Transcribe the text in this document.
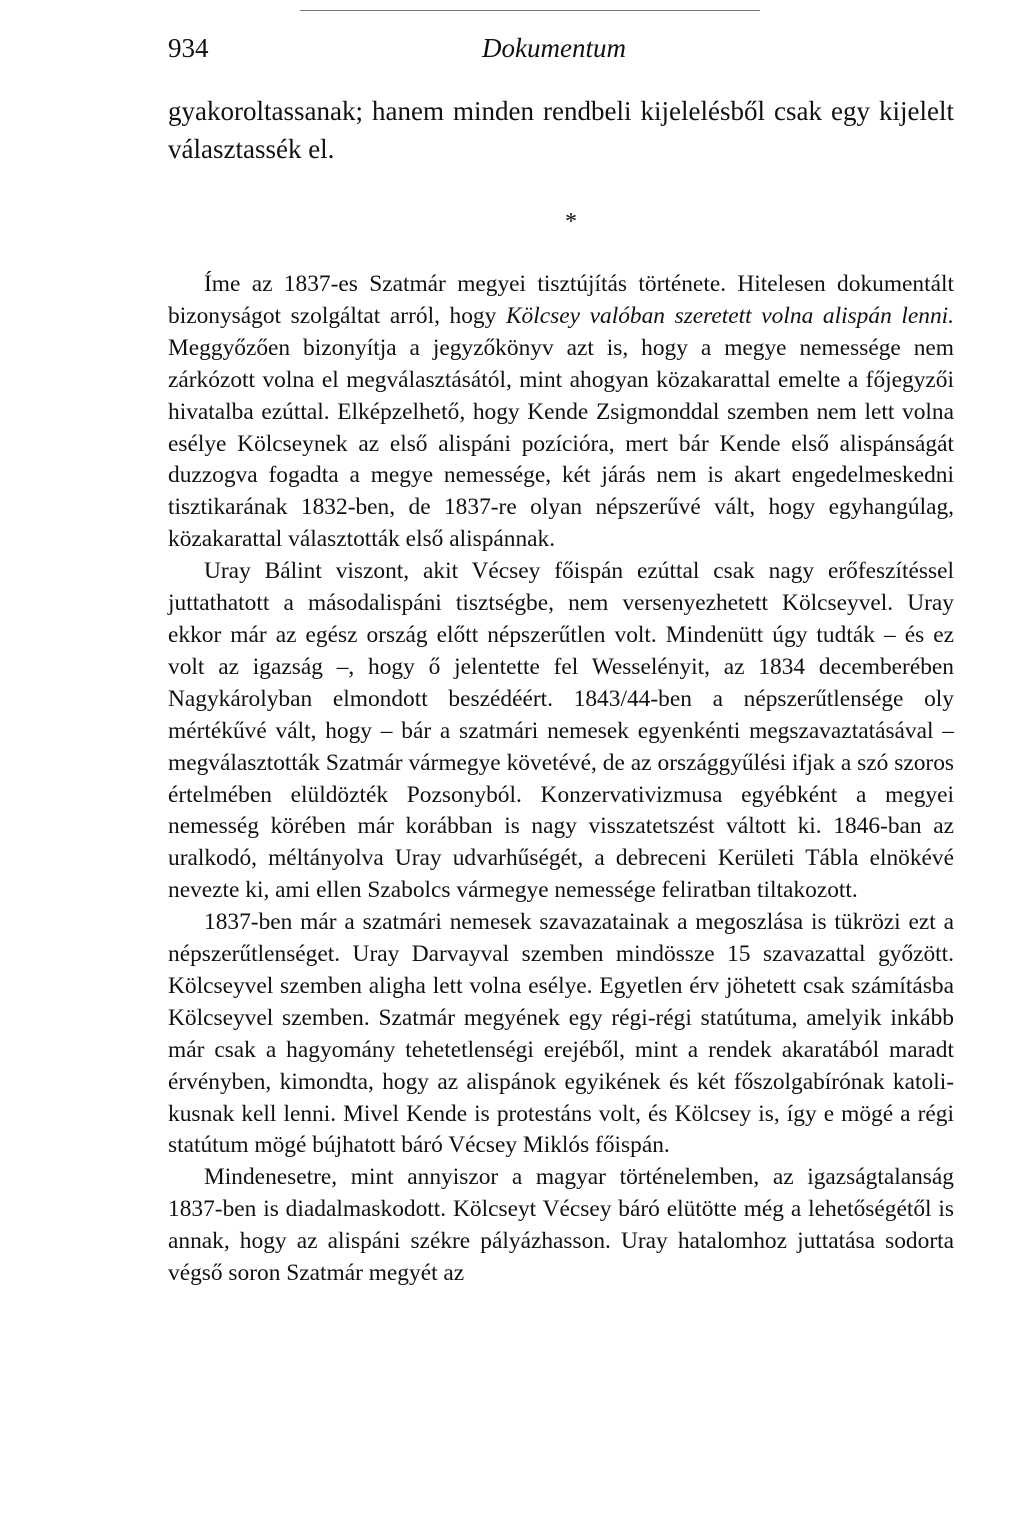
934	Dokumentum

gyakoroltassanak; hanem minden rendbeli kijelelésből csak egy kijelelt választassék el.

*

Íme az 1837-es Szatmár megyei tisztújítás története. Hitelesen dokumentált bizonyságot szolgáltat arról, hogy Kölcsey valóban szeretett volna alispán lenni. Meggyőzően bizonyítja a jegyzőkönyv azt is, hogy a megye nemessége nem zárkózott volna el megválasztásától, mint ahogyan közakarattal emelte a főjegyzői hivatalba ezúttal. Elképzelhető, hogy Kende Zsigmonddal szemben nem lett volna esélye Kölcseynek az első alispáni pozícióra, mert bár Kende első alispánságát duzzogva fogadta a megye nemessége, két járás nem is akart engedelmeskedni tisztikarának 1832-ben, de 1837-re olyan népszerűvé vált, hogy egyhangúlag, közakarattal választották első alispánnak.

Uray Bálint viszont, akit Vécsey főispán ezúttal csak nagy erőfeszítéssel juttathatott a másodalispáni tisztségbe, nem versenyezhetett Kölcseyvel. Uray ekkor már az egész ország előtt népszerűtlen volt. Mindenütt úgy tudták – és ez volt az igazság –, hogy ő jelentette fel Wesselényit, az 1834 decemberében Nagykárolyban elmondott beszédéért. 1843/44-ben a népszerűtlensége oly mértékűvé vált, hogy – bár a szatmári nemesek egyenkénti megszavaztatásával – megválasztották Szatmár vármegye követévé, de az országgyűlési ifjak a szó szoros értelmében elüldözték Pozsonyból. Konzervativizmusa egyébként a megyei nemesség körében már korábban is nagy visszatetszést váltott ki. 1846-ban az uralkodó, méltányolva Uray udvarhűségét, a debreceni Kerületi Tábla elnökévé nevezte ki, ami ellen Szabolcs vármegye nemessége feliratban tiltakozott.

1837-ben már a szatmári nemesek szavazatainak a megoszlása is tükrözi ezt a népszerűtlenséget. Uray Darvayval szemben mindössze 15 szavazattal győzött. Kölcseyvel szemben aligha lett volna esélye. Egyetlen érv jöhetett csak számításba Kölcseyvel szemben. Szatmár megyének egy régi-régi statútuma, amelyik inkább már csak a hagyomány tehetetlenségi erejéből, mint a rendek akaratából maradt érvényben, kimondta, hogy az alispánok egyikének és két főszolgabírónak katolikusnak kell lenni. Mivel Kende is protestáns volt, és Kölcsey is, így e mögé a régi statútum mögé bújhatott báró Vécsey Miklós főispán.

Mindenesetre, mint annyiszor a magyar történelemben, az igazságtalanság 1837-ben is diadalmaskodott. Kölcseyt Vécsey báró elütötte még a lehetőségétől is annak, hogy az alispáni székre pályázhasson. Uray hatalomhoz juttatása sodorta végső soron Szatmár megyét az
